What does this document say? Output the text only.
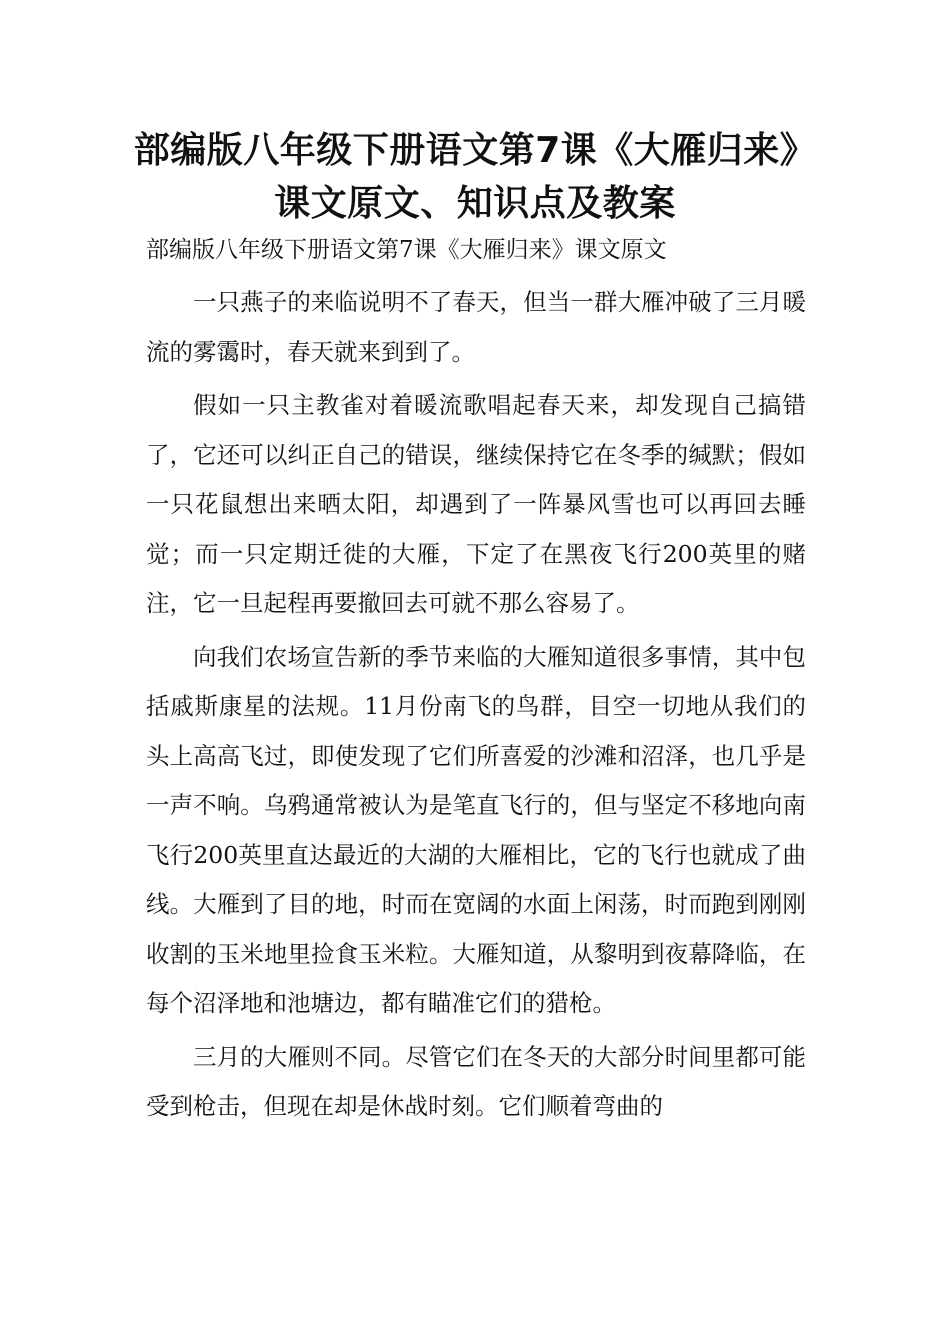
部编版八年级下册语文第7课《大雁归来》课文原文、知识点及教案
部编版八年级下册语文第7课《大雁归来》课文原文

一只燕子的来临说明不了春天，但当一群大雁冲破了三月暖流的雾霭时，春天就来到到了。

假如一只主教雀对着暖流歌唱起春天来，却发现自己搞错了，它还可以纠正自己的错误，继续保持它在冬季的缄默；假如一只花鼠想出来晒太阳，却遇到了一阵暴风雪也可以再回去睡觉；而一只定期迁徙的大雁，下定了在黑夜飞行200英里的赌注，它一旦起程再要撤回去可就不那么容易了。

向我们农场宣告新的季节来临的大雁知道很多事情，其中包括戚斯康星的法规。11月份南飞的鸟群，目空一切地从我们的头上高高飞过，即使发现了它们所喜爱的沙滩和沼泽，也几乎是一声不响。乌鸦通常被认为是笔直飞行的，但与坚定不移地向南飞行200英里直达最近的大湖的大雁相比，它的飞行也就成了曲线。大雁到了目的地，时而在宽阔的水面上闲荡，时而跑到刚刚收割的玉米地里捡食玉米粒。大雁知道，从黎明到夜幕降临，在每个沼泽地和池塘边，都有瞄准它们的猎枪。

三月的大雁则不同。尽管它们在冬天的大部分时间里都可能受到枪击，但现在却是休战时刻。它们顺着弯曲的
